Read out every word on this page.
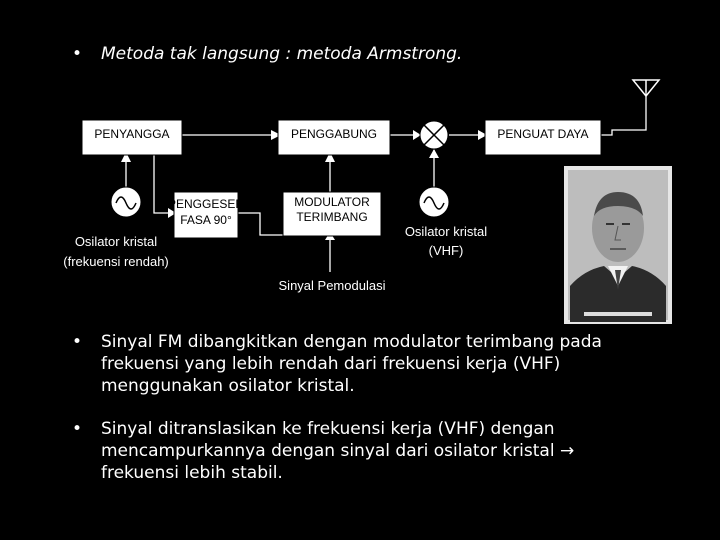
• Metoda tak langsung : metoda Armstrong.
PENYANGGA	PENGGABUNG	PENGUAT DAYA
PENGGESER
FASA 90°
MODULATOR
TERIMBANG
Osilator kristal
(frekuensi rendah)
Osilator kristal
(VHF)
Sinyal Pemodulasi
• Sinyal FM dibangkitkan dengan modulator terimbang pada
frekuensi yang lebih rendah dari frekuensi kerja (VHF)
menggunakan osilator kristal.
• Sinyal ditranslasikan ke frekuensi kerja (VHF) dengan
mencampurkannya dengan sinyal dari osilator kristal →
frekuensi lebih stabil.
